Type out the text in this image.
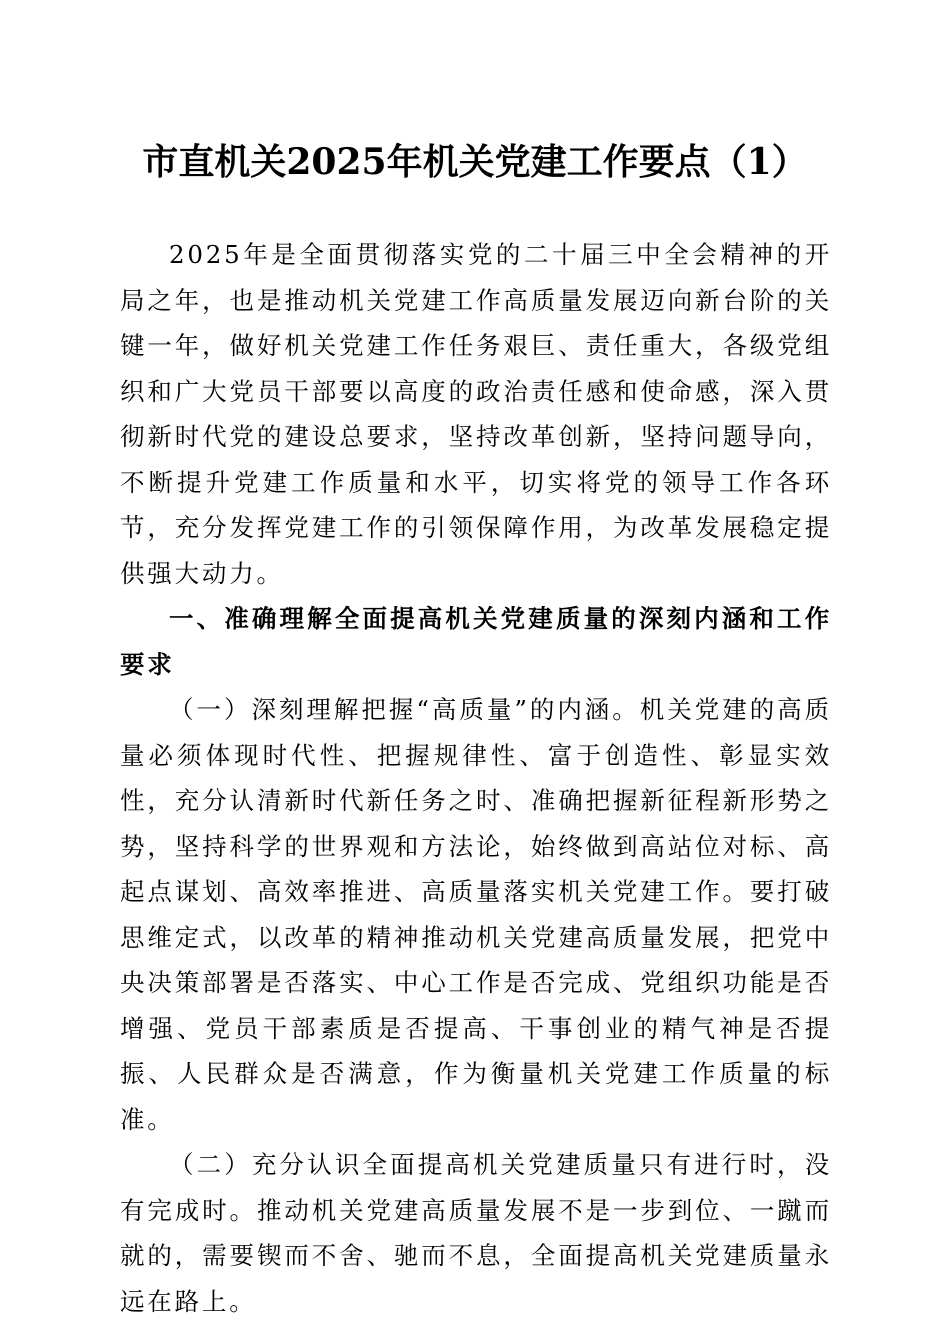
市直机关2025年机关党建工作要点（1）

2025年是全面贯彻落实党的二十届三中全会精神的开局之年，也是推动机关党建工作高质量发展迈向新台阶的关键一年，做好机关党建工作任务艰巨、责任重大，各级党组织和广大党员干部要以高度的政治责任感和使命感，深入贯彻新时代党的建设总要求，坚持改革创新，坚持问题导向，不断提升党建工作质量和水平，切实将党的领导工作各环节，充分发挥党建工作的引领保障作用，为改革发展稳定提供强大动力。

一、准确理解全面提高机关党建质量的深刻内涵和工作要求

（一）深刻理解把握“高质量”的内涵。机关党建的高质量必须体现时代性、把握规律性、富于创造性、彰显实效性，充分认清新时代新任务之时、准确把握新征程新形势之势，坚持科学的世界观和方法论，始终做到高站位对标、高起点谋划、高效率推进、高质量落实机关党建工作。要打破思维定式，以改革的精神推动机关党建高质量发展，把党中央决策部署是否落实、中心工作是否完成、党组织功能是否增强、党员干部素质是否提高、干事创业的精气神是否提振、人民群众是否满意，作为衡量机关党建工作质量的标准。

（二）充分认识全面提高机关党建质量只有进行时，没有完成时。推动机关党建高质量发展不是一步到位、一蹴而就的，需要锲而不舍、驰而不息，全面提高机关党建质量永远在路上。
